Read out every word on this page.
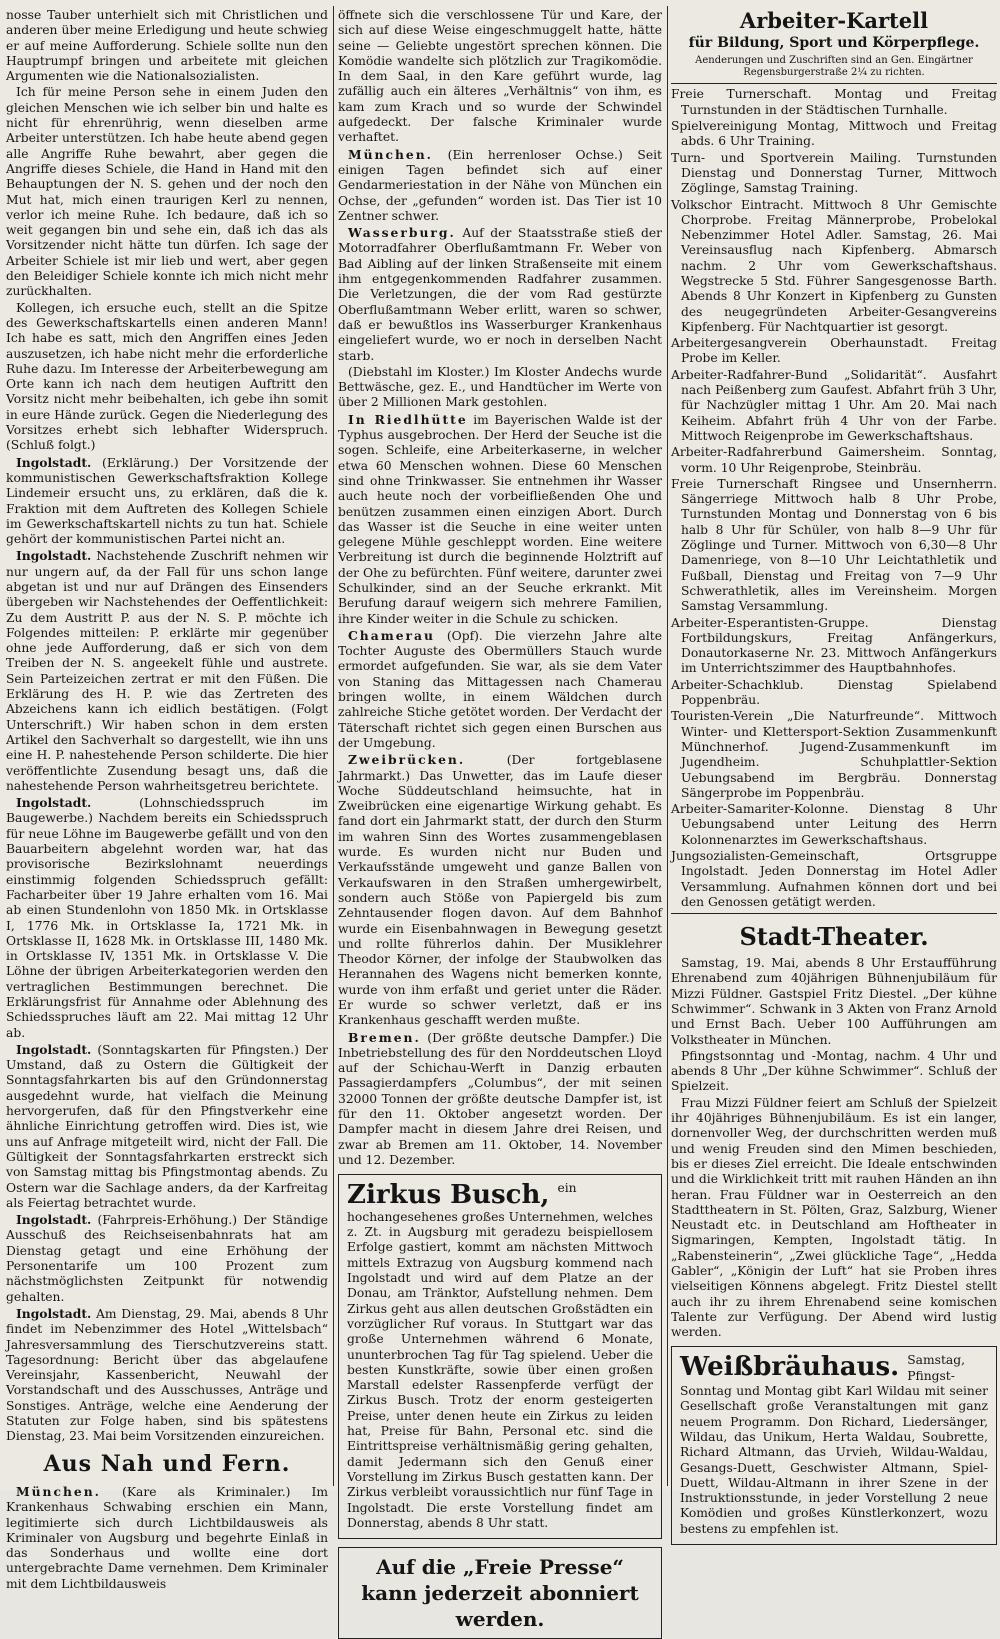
nosse Tauber unterhielt sich mit Christlichen und anderen über meine Erledigung und heute schwieg er auf meine Aufforderung. Schiele sollte nun den Hauptrumpf bringen und arbeitete mit gleichen Argumenten wie die Nationalsozialisten.

Ich für meine Person sehe in einem Juden den gleichen Menschen wie ich selber bin und halte es nicht für ehrenrührig, wenn dieselben arme Arbeiter unterstützen. Ich habe heute abend gegen alle Angriffe Ruhe bewahrt, aber gegen die Angriffe dieses Schiele, die Hand in Hand mit den Behauptungen der N. S. gehen und der noch den Mut hat, mich einen traurigen Kerl zu nennen, verlor ich meine Ruhe. Ich bedaure, daß ich so weit gegangen bin und sehe ein, daß ich das als Vorsitzender nicht hätte tun dürfen. Ich sage der Arbeiter Schiele ist mir lieb und wert, aber gegen den Beleidiger Schiele konnte ich mich nicht mehr zurückhalten.

Kollegen, ich ersuche euch, stellt an die Spitze des Gewerkschaftskartells einen anderen Mann! Ich habe es satt, mich den Angriffen eines Jeden auszusetzen, ich habe nicht mehr die erforderliche Ruhe dazu. Im Interesse der Arbeiterbewegung am Orte kann ich nach dem heutigen Auftritt den Vorsitz nicht mehr beibehalten, ich gebe ihn somit in eure Hände zurück. Gegen die Niederlegung des Vorsitzes erhebt sich lebhafter Widerspruch. (Schluß folgt.)

Ingolstadt. (Erklärung.) Der Vorsitzende der kommunistischen Gewerkschaftsfraktion Kollege Lindemeir ersucht uns, zu erklären, daß die k. Fraktion mit dem Auftreten des Kollegen Schiele im Gewerkschaftskartell nichts zu tun hat. Schiele gehört der kommunistischen Partei nicht an.

Ingolstadt. Nachstehende Zuschrift nehmen wir nur ungern auf, da der Fall für uns schon lange abgetan ist und nur auf Drängen des Einsenders übergeben wir Nachstehendes der Oeffentlichkeit: Zu dem Austritt P. aus der N. S. P. möchte ich Folgendes mitteilen: P. erklärte mir gegenüber ohne jede Aufforderung, daß er sich von dem Treiben der N. S. angeekelt fühle und austrete. Sein Parteizeichen zertrat er mit den Füßen. Die Erklärung des H. P. wie das Zertreten des Abzeichens kann ich eidlich bestätigen. (Folgt Unterschrift.) Wir haben schon in dem ersten Artikel den Sachverhalt so dargestellt, wie ihn uns eine H. P. nahestehende Person schilderte. Die hier veröffentlichte Zusendung besagt uns, daß die nahestehende Person wahrheitsgetreu berichtete.

Ingolstadt.	(Lohnschiedsspruch im Baugewerbe.) Nachdem bereits ein Schiedsspruch für neue Löhne im Baugewerbe gefällt und von den Bauarbeitern abgelehnt worden war, hat das provisorische Bezirkslohnamt neuerdings einstimmig folgenden Schiedsspruch gefällt: Facharbeiter über 19 Jahre erhalten vom 16. Mai ab einen Stundenlohn von 1850 Mk. in Ortsklasse I, 1776 Mk. in Ortsklasse Ia, 1721 Mk. in Ortsklasse II, 1628 Mk. in Ortsklasse III, 1480 Mk. in Ortsklasse IV, 1351 Mk. in Ortsklasse V. Die Löhne der übrigen Arbeiterkategorien werden den vertraglichen Bestimmungen berechnet. Die Erklärungsfrist für Annahme oder Ablehnung des Schiedsspruches läuft am 22. Mai mittag 12 Uhr ab.

Ingolstadt. (Sonntagskarten für Pfingsten.) Der Umstand, daß zu Ostern die Gültigkeit der Sonntagsfahrkarten bis auf den Gründonnerstag ausgedehnt wurde, hat vielfach die Meinung hervorgerufen, daß für den Pfingstverkehr eine ähnliche Einrichtung getroffen wird. Dies ist, wie uns auf Anfrage mitgeteilt wird, nicht der Fall. Die Gültigkeit der Sonntagsfahrkarten erstreckt sich von Samstag mittag bis Pfingstmontag abends. Zu Ostern war die Sachlage anders, da der Karfreitag als Feiertag betrachtet wurde.

Ingolstadt. (Fahrpreis-Erhöhung.) Der Ständige Ausschuß des Reichseisenbahnrats hat am Dienstag getagt und eine Erhöhung der Personentarife um 100 Prozent zum nächstmöglichsten Zeitpunkt für notwendig gehalten.

Ingolstadt. Am Dienstag, 29. Mai, abends 8 Uhr findet im Nebenzimmer des Hotel „Wittelsbach“ Jahresversammlung des Tierschutzvereins statt. Tagesordnung: Bericht über das abgelaufene Vereinsjahr, Kassenbericht, Neuwahl der Vorstandschaft und des Ausschusses, Anträge und Sonstiges. Anträge, welche eine Aenderung der Statuten zur Folge haben, sind bis spätestens Dienstag, 23. Mai beim Vorsitzenden einzureichen.

Aus Nah und Fern.

München. (Kare als Kriminaler.) Im Krankenhaus Schwabing erschien ein Mann, legitimierte sich durch Lichtbildausweis als Kriminaler von Augsburg und begehrte Einlaß in das Sonderhaus und wollte eine dort untergebrachte Dame vernehmen. Dem Kriminaler mit dem Lichtbildausweis

öffnete sich die verschlossene Tür und Kare, der sich auf diese Weise eingeschmuggelt hatte, hätte seine — Geliebte ungestört sprechen können. Die Komödie wandelte sich plötzlich zur Tragikomödie. In dem Saal, in den Kare geführt wurde, lag zufällig auch ein älteres „Verhältnis“ von ihm, es kam zum Krach und so wurde der Schwindel aufgedeckt. Der falsche Kriminaler wurde verhaftet.

München. (Ein herrenloser Ochse.) Seit einigen Tagen befindet sich auf einer Gendarmeriestation in der Nähe von München ein Ochse, der „gefunden“ worden ist. Das Tier ist 10 Zentner schwer.

Wasserburg. Auf der Staatsstraße stieß der Motorradfahrer Oberflußamtmann Fr. Weber von Bad Aibling auf der linken Straßenseite mit einem ihm entgegenkommenden Radfahrer zusammen. Die Verletzungen, die der vom Rad gestürzte Oberflußamtmann Weber erlitt, waren so schwer, daß er bewußtlos ins Wasserburger Krankenhaus eingeliefert wurde, wo er noch in derselben Nacht starb.

(Diebstahl im Kloster.) Im Kloster Andechs wurde Bettwäsche, gez. E., und Handtücher im Werte von über 2 Millionen Mark gestohlen.

In Riedlhütte im Bayerischen Walde ist der Typhus ausgebrochen. Der Herd der Seuche ist die sogen. Schleife, eine Arbeiterkaserne, in welcher etwa 60 Menschen wohnen. Diese 60 Menschen sind ohne Trinkwasser. Sie entnehmen ihr Wasser auch heute noch der vorbeifließenden Ohe und benützen zusammen einen einzigen Abort. Durch das Wasser ist die Seuche in eine weiter unten gelegene Mühle geschleppt worden. Eine weitere Verbreitung ist durch die beginnende Holztrift auf der Ohe zu befürchten. Fünf weitere, darunter zwei Schulkinder, sind an der Seuche erkrankt. Mit Berufung darauf weigern sich mehrere Familien, ihre Kinder weiter in die Schule zu schicken.

Chamerau (Opf). Die vierzehn Jahre alte Tochter Auguste des Obermüllers Stauch wurde ermordet aufgefunden. Sie war, als sie dem Vater von Staning das Mittagessen nach Chamerau bringen wollte, in einem Wäldchen durch zahlreiche Stiche getötet worden. Der Verdacht der Täterschaft richtet sich gegen einen Burschen aus der Umgebung.

Zweibrücken.	(Der fortgeblasene Jahrmarkt.) Das Unwetter, das im Laufe dieser Woche Süddeutschland heimsuchte, hat in Zweibrücken eine eigenartige Wirkung gehabt. Es fand dort ein Jahrmarkt statt, der durch den Sturm im wahren Sinn des Wortes zusammengeblasen wurde. Es wurden nicht nur Buden und Verkaufsstände umgeweht und ganze Ballen von Verkaufswaren in den Straßen umhergewirbelt, sondern auch Stöße von Papiergeld bis zum Zehntausender flogen davon. Auf dem Bahnhof wurde ein Eisenbahnwagen in Bewegung gesetzt und rollte führerlos dahin. Der Musiklehrer Theodor Körner, der infolge der Staubwolken das Herannahen des Wagens nicht bemerken konnte, wurde von ihm erfaßt und geriet unter die Räder. Er wurde so schwer verletzt, daß er ins Krankenhaus geschafft werden mußte.

Bremen. (Der größte deutsche Dampfer.) Die Inbetriebstellung des für den Norddeutschen Lloyd auf der Schichau-Werft in Danzig erbauten Passagierdampfers „Columbus“, der mit seinen 32000 Tonnen der größte deutsche Dampfer ist, ist für den 11. Oktober angesetzt worden. Der Dampfer macht in diesem Jahre drei Reisen, und zwar ab Bremen am 11. Oktober, 14. November und 12. Dezember.

Zirkus Busch, ein hochangesehenes großes Unternehmen, welches z. Zt. in Augsburg mit geradezu beispiellosem Erfolge gastiert, kommt am nächsten Mittwoch mittels Extrazug von Augsburg kommend nach Ingolstadt und wird auf dem Platze an der Donau, am Tränktor, Aufstellung nehmen. Dem Zirkus geht aus allen deutschen Großstädten ein vorzüglicher Ruf voraus. In Stuttgart war das große Unternehmen während 6 Monate, ununterbrochen Tag für Tag spielend. Ueber die besten Kunstkräfte, sowie über einen großen Marstall edelster Rassenpferde verfügt der Zirkus Busch. Trotz der enorm gesteigerten Preise, unter denen heute ein Zirkus zu leiden hat, Preise für Bahn, Personal etc. sind die Eintrittspreise verhältnismäßig gering gehalten, damit Jedermann sich den Genuß einer Vorstellung im Zirkus Busch gestatten kann. Der Zirkus verbleibt voraussichtlich nur fünf Tage in Ingolstadt. Die erste Vorstellung findet am Donnerstag, abends 8 Uhr statt.

Auf die „Freie Presse“ kann jederzeit abonniert werden.
Arbeiter-Kartell
für Bildung, Sport und Körperpflege.
Aenderungen und Zuschriften sind an Gen. Eingärtner Regensburgerstraße 2¼ zu richten.
Freie Turnerschaft. Montag und Freitag Turnstunden in der Städtischen Turnhalle.
Spielvereinigung Montag, Mittwoch und Freitag abds. 6 Uhr Training.
Turn- und Sportverein Mailing. Turnstunden Dienstag und Donnerstag Turner, Mittwoch Zöglinge, Samstag Training.
Volkschor Eintracht. Mittwoch 8 Uhr Gemischte Chorprobe. Freitag Männerprobe, Probelokal Nebenzimmer Hotel Adler. Samstag, 26. Mai Vereinsausflug nach Kipfenberg. Abmarsch nachm. 2 Uhr vom Gewerkschaftshaus. Wegstrecke 5 Std. Führer Sangesgenosse Barth. Abends 8 Uhr Konzert in Kipfenberg zu Gunsten des neugegründeten Arbeiter-Gesangvereins Kipfenberg. Für Nachtquartier ist gesorgt.
Arbeitergesangverein Oberhaunstadt. Freitag Probe im Keller.
Arbeiter-Radfahrer-Bund „Solidarität“. Ausfahrt nach Peißenberg zum Gaufest. Abfahrt früh 3 Uhr, für Nachzügler mittag 1 Uhr. Am 20. Mai nach Keiheim. Abfahrt früh 4 Uhr von der Farbe. Mittwoch Reigenprobe im Gewerkschaftshaus.
Arbeiter-Radfahrerbund Gaimersheim. Sonntag, vorm. 10 Uhr Reigenprobe, Steinbräu.
Freie Turnerschaft Ringsee und Unsernherrn. Sängerriege Mittwoch halb 8 Uhr Probe, Turnstunden Montag und Donnerstag von 6 bis halb 8 Uhr für Schüler, von halb 8—9 Uhr für Zöglinge und Turner. Mittwoch von 6,30—8 Uhr Damenriege, von 8—10 Uhr Leichtathletik und Fußball, Dienstag und Freitag von 7—9 Uhr Schwerathletik, alles im Vereinsheim. Morgen Samstag Versammlung.
Arbeiter-Esperantisten-Gruppe. Dienstag Fortbildungskurs, Freitag Anfängerkurs, Donautorkaserne Nr. 23. Mittwoch Anfängerkurs im Unterrichtszimmer des Hauptbahnhofes.
Arbeiter-Schachklub. Dienstag Spielabend Poppenbräu.
Touristen-Verein „Die Naturfreunde“. Mittwoch Winter- und Klettersport-Sektion Zusammenkunft Münchnerhof. Jugend-Zusammenkunft im Jugendheim. Schuhplattler-Sektion Uebungsabend im Bergbräu. Donnerstag Sängerprobe im Poppenbräu.
Arbeiter-Samariter-Kolonne. Dienstag 8 Uhr Uebungsabend unter Leitung des Herrn Kolonnenarztes im Gewerkschaftshaus.
Jungsozialisten-Gemeinschaft, Ortsgruppe Ingolstadt. Jeden Donnerstag im Hotel Adler Versammlung. Aufnahmen können dort und bei den Genossen getätigt werden.
Stadt-Theater.

Samstag, 19. Mai, abends 8 Uhr Erstaufführung Ehrenabend zum 40jährigen Bühnenjubiläum für Mizzi Füldner. Gastspiel Fritz Diestel. „Der kühne Schwimmer“. Schwank in 3 Akten von Franz Arnold und Ernst Bach. Ueber 100 Aufführungen am Volkstheater in München.

Pfingstsonntag und -Montag, nachm. 4 Uhr und abends 8 Uhr „Der kühne Schwimmer“. Schluß der Spielzeit.

Frau Mizzi Füldner feiert am Schluß der Spielzeit ihr 40jähriges Bühnenjubiläum. Es ist ein langer, dornenvoller Weg, der durchschritten werden muß und wenig Freuden sind den Mimen beschieden, bis er dieses Ziel erreicht. Die Ideale entschwinden und die Wirklichkeit tritt mit rauhen Händen an ihn heran. Frau Füldner war in Oesterreich an den Stadttheatern in St. Pölten, Graz, Salzburg, Wiener Neustadt etc. in Deutschland am Hoftheater in Sigmaringen, Kempten, Ingolstadt tätig. In „Rabensteinerin“, „Zwei glückliche Tage“, „Hedda Gabler“, „Königin der Luft“ hat sie Proben ihres vielseitigen Könnens abgelegt. Fritz Diestel stellt auch ihr zu ihrem Ehrenabend seine komischen Talente zur Verfügung. Der Abend wird lustig werden.

Weißbräuhaus. Samstag, Pfingst-Sonntag und Montag gibt Karl Wildau mit seiner Gesellschaft große Veranstaltungen mit ganz neuem Programm. Don Richard, Liedersänger, Wildau, das Unikum, Herta Waldau, Soubrette, Richard Altmann, das Urvieh, Wildau-Waldau, Gesangs-Duett, Geschwister Altmann, Spiel-Duett, Wildau-Altmann in ihrer Szene in der Instruktionsstunde, in jeder Vorstellung 2 neue Komödien und großes Künstlerkonzert, wozu bestens zu empfehlen ist.
